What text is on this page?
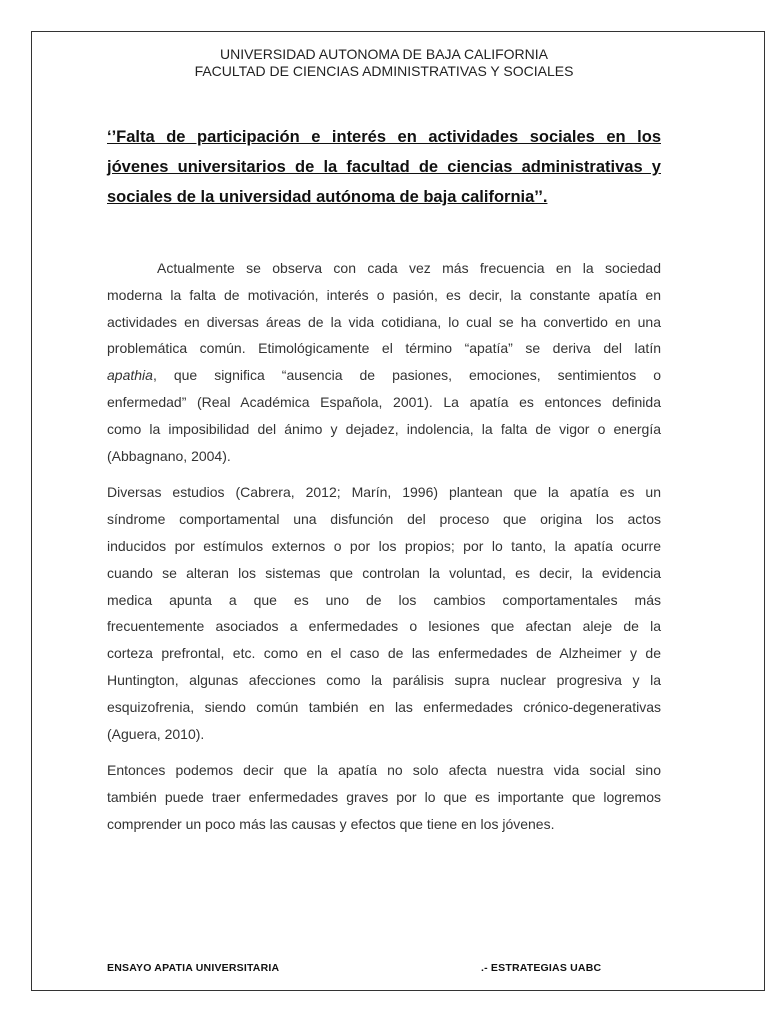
UNIVERSIDAD AUTONOMA DE BAJA CALIFORNIA
FACULTAD DE CIENCIAS ADMINISTRATIVAS Y SOCIALES
‘’Falta de participación e interés en actividades sociales en los
jóvenes universitarios de la facultad de ciencias administrativas y
sociales de la universidad autónoma de baja california’’.
Actualmente se observa con cada vez más frecuencia en la sociedad
moderna la falta de motivación, interés o pasión, es decir, la constante apatía en
actividades en diversas áreas de la vida cotidiana, lo cual se ha convertido en una
problemática común. Etimológicamente el término “apatía” se deriva del latín
apathia, que significa “ausencia de pasiones, emociones, sentimientos o
enfermedad” (Real Académica Española, 2001). La apatía es entonces definida
como la imposibilidad del ánimo y dejadez, indolencia, la falta de vigor o energía
(Abbagnano, 2004).
Diversas estudios (Cabrera, 2012; Marín, 1996) plantean que la apatía es un
síndrome comportamental una disfunción del proceso que origina los actos
inducidos por estímulos externos o por los propios; por lo tanto, la apatía ocurre
cuando se alteran los sistemas que controlan la voluntad, es decir, la evidencia
medica apunta a que es uno de los cambios comportamentales más
frecuentemente asociados a enfermedades o lesiones que afectan aleje de la
corteza prefrontal, etc. como en el caso de las enfermedades de Alzheimer y de
Huntington, algunas afecciones como la parálisis supra nuclear progresiva y la
esquizofrenia, siendo común también en las enfermedades crónico-degenerativas
(Aguera, 2010).
Entonces podemos decir que la apatía no solo afecta nuestra vida social sino
también puede traer enfermedades graves por lo que es importante que logremos
comprender un poco más las causas y efectos que tiene en los jóvenes.
ENSAYO APATIA UNIVERSITARIA	.- ESTRATEGIAS UABC
